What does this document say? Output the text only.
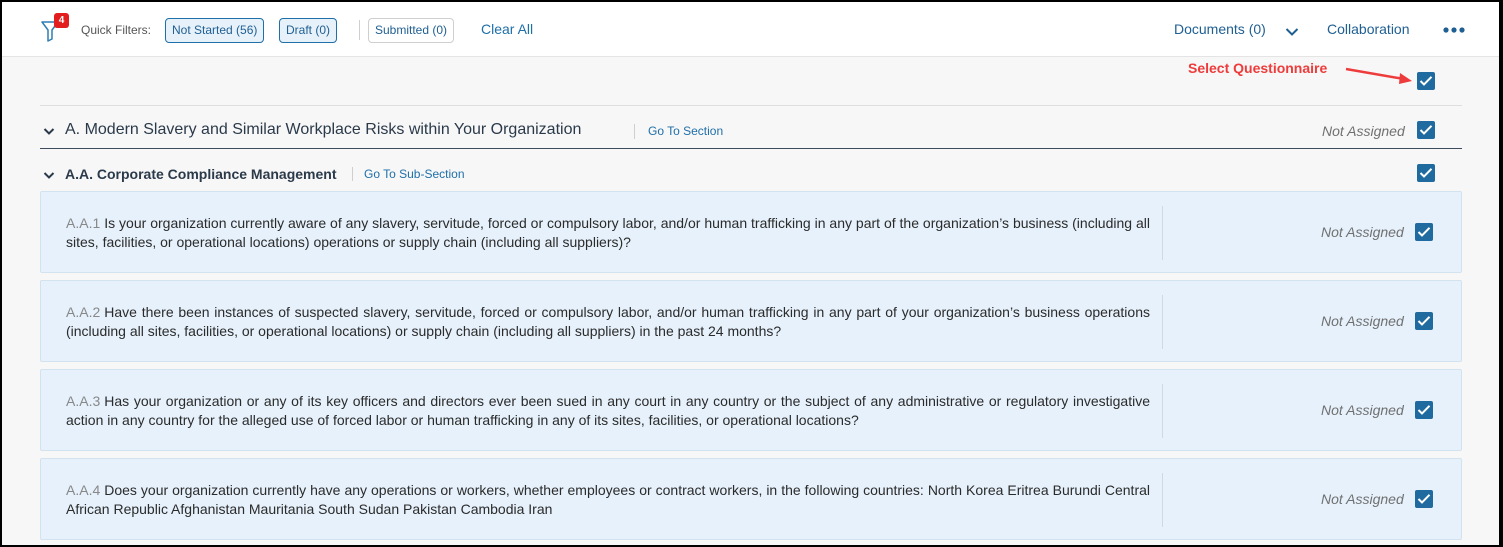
4
Quick Filters:	Not Started (56)	Draft (0)	Submitted (0)	Clear All	Documents (0)	Collaboration
Select Questionnaire
A. Modern Slavery and Similar Workplace Risks within Your Organization	Go To Section	Not Assigned
A.A. Corporate Compliance Management Go To Sub-Section
A.A.1 Is your organization currently aware of any slavery, servitude, forced or compulsory labor, and/or human trafficking in any part of the organization’s business (including all sites, facilities, or operational locations) operations or supply chain (including all suppliers)?
Not Assigned
A.A.2 Have there been instances of suspected slavery, servitude, forced or compulsory labor, and/or human trafficking in any part of your organization’s business operations (including all sites, facilities, or operational locations) or supply chain (including all suppliers) in the past 24 months?
Not Assigned
A.A.3 Has your organization or any of its key officers and directors ever been sued in any court in any country or the subject of any administrative or regulatory investigative action in any country for the alleged use of forced labor or human trafficking in any of its sites, facilities, or operational locations?
Not Assigned
A.A.4 Does your organization currently have any operations or workers, whether employees or contract workers, in the following countries: North Korea Eritrea Burundi Central African Republic Afghanistan Mauritania South Sudan Pakistan Cambodia Iran
Not Assigned
